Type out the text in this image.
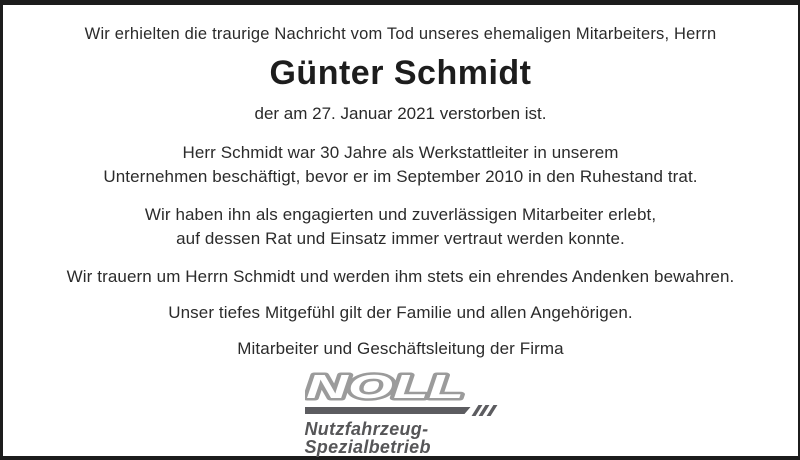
Wir erhielten die traurige Nachricht vom Tod unseres ehemaligen Mitarbeiters, Herrn

Günter Schmidt

der am 27. Januar 2021 verstorben ist.

Herr Schmidt war 30 Jahre als Werkstattleiter in unserem
Unternehmen beschäftigt, bevor er im September 2010 in den Ruhestand trat.
Wir haben ihn als engagierten und zuverlässigen Mitarbeiter erlebt,
auf dessen Rat und Einsatz immer vertraut werden konnte.
Wir trauern um Herrn Schmidt und werden ihm stets ein ehrendes Andenken bewahren.
Unser tiefes Mitgefühl gilt der Familie und allen Angehörigen.
Mitarbeiter und Geschäftsleitung der Firma
NOLL
Nutzfahrzeug-
Spezialbetrieb
